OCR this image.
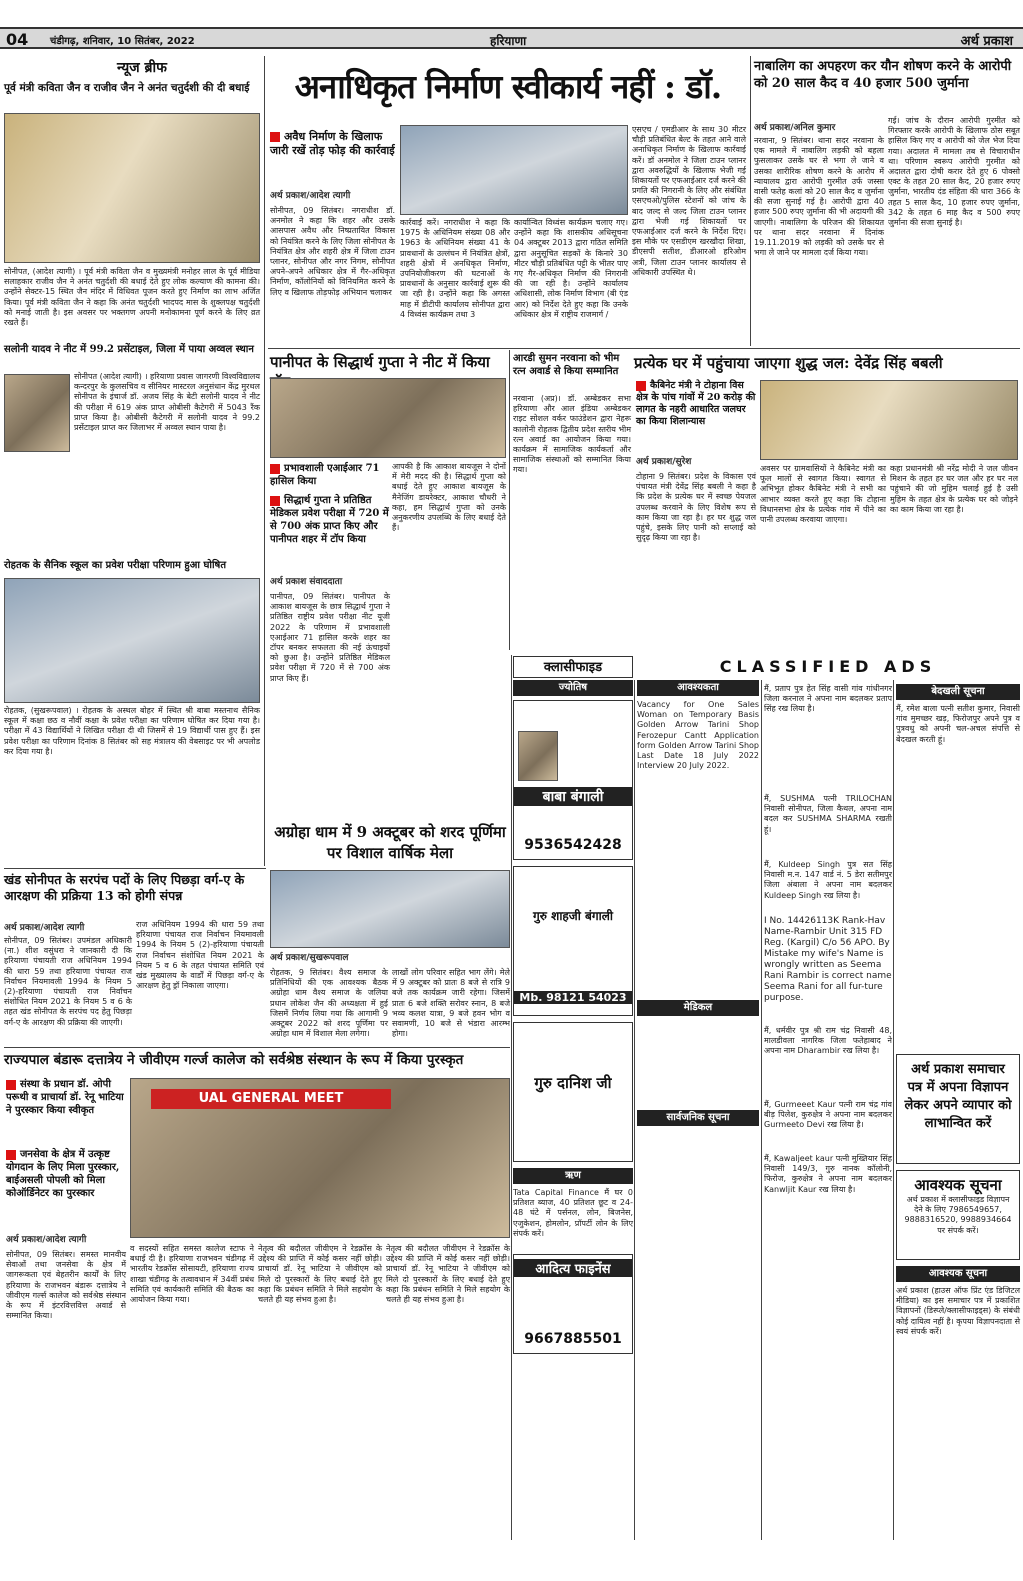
04 चंडीगढ़, शनिवार, 10 सितंबर, 2022	हरियाणा	अर्थ प्रकाश
न्यूज ब्रीफ
पूर्व मंत्री कविता जैन व राजीव जैन ने अनंत चतुर्दशी की दी बधाई
सोनीपत, (आदेश त्यागी) । पूर्व मंत्री कविता जैन व मुख्यमंत्री मनोहर लाल के पूर्व मीडिया सलाहकार राजीव जैन ने अनंत चतुर्दशी की बधाई देते हुए लोक कल्याण की कामना की। उन्होंने सेक्टर-15 स्थित जैन मंदिर में विधिवत पूजन करते हुए निर्माण का लाभ अर्जित किया। पूर्व मंत्री कविता जैन ने कहा कि अनंत चतुर्दशी भादपद मास के शुक्लपक्ष चतुर्दशी को मनाई जाती है। इस अवसर पर भक्तगण अपनी मनोकामना पूर्ण करने के लिए व्रत रखते हैं।
सलोनी यादव ने नीट में 99.2 प्रसेंटाइल, जिला में पाया अव्वल स्थान
सोनीपत (आदेश त्यागी) । हरियाणा प्रवास जागरणी विश्वविद्यालय कन्दरपुर के कुलसचिव व सीनियर मास्टरल अनुसंधान केंद्र मुरथल सोनीपत के इंचार्ज डॉ. अजय सिंह के बेटी सलोनी यादव ने नीट की परीक्षा में 619 अंक प्राप्त ओबीसी कैटेगरी में 5043 रैंक प्राप्त किया है। ओबीसी कैटेगरी में सलोनी यादव ने 99.2 प्रसेंटाइल प्राप्त कर जिलाभर में अव्वल स्थान पाया है।
रोहतक के सैनिक स्कूल का प्रवेश परीक्षा परिणाम हुआ घोषित
रोहतक, (सुखरूपवाल) । रोहतक के अस्थल बोहर में स्थित श्री बाबा मस्तनाथ सैनिक स्कूल में कक्षा छठ व नौवीं कक्षा के प्रवेश परीक्षा का परिणाम घोषित कर दिया गया है। परीक्षा में 43 विद्यार्थियों ने लिखित परीक्षा दी थी जिसमें से 19 विद्यार्थी पास हुए हैं। इस प्रवेश परीक्षा का परिणाम दिनांक 8 सितंबर को सह मंत्रालय की वेबसाइट पर भी अपलोड कर दिया गया है।
अनाधिकृत निर्माण स्वीकार्य नहीं : डॉ.
अवैध निर्माण के खिलाफ जारी रखें तोड़ फोड़ की कार्रवाई
अर्थ प्रकाश/आदेश त्यागी
सोनीपत, 09 सितंबर। नगराधीश डॉ. अनमोल ने कहा कि शहर और उसके आसपास अवैध और निष्प्रतायित विकास को नियंत्रित करने के लिए जिला सोनीपत के नियंत्रित क्षेत्र और शहरी क्षेत्र में जिला टाउन प्लानर, सोनीपत और नगर निगम, सोनीपत अपने-अपने अधिकार क्षेत्र में गैर-अधिकृत निर्माण, कॉलोनियों को विनियमित करने के लिए व खिलाफ तोड़फोड़ अभियान चलाकर
कार्रवाई करें। नगराधीश ने कहा कि 1975 के अधिनियम संख्या 08 और 1963 के अधिनियम संख्या 41 के प्रावधानों के उल्लंघन में नियंत्रित क्षेत्रों, शहरी क्षेत्रों में अनधिकृत निर्माण, उपनियोजीकरण की घटनाओं के प्रावधानों के अनुसार कार्रवाई शुरू की जा रही है। उन्होंने कहा कि अगस्त माह में डीटीपी कार्यालय सोनीपत द्वारा 4 विध्वंस कार्यक्रम तथा 3
कार्यान्वित विध्वंस कार्यक्रम चलाए गए। उन्होंने कहा कि शासकीय अधिसूचना 04 अक्टूबर 2013 द्वारा गठित समिति द्वारा अनुसूचित सड़कों के किनारे 30 मीटर चौड़ी प्रतिबंधित पट्टी के भीतर पाए गए गैर-अधिकृत निर्माण की निगरानी की जा रही है। उन्होंने कार्यालय अधिशासी, लोक निर्माण विभाग (बी एंड आर) को निर्देश देते हुए कहा कि उनके अधिकार क्षेत्र में राष्ट्रीय राजमार्ग /
एसएच / एमडीआर के साथ 30 मीटर चौड़ी प्रतिबंधित बेल्ट के तहत आने वाले अनाधिकृत निर्माण के खिलाफ कार्रवाई करें। डॉ अनमोल ने जिला टाउन प्लानर द्वारा अवरुद्धियों के खिलाफ भेजी गई शिकायतों पर एफआईआर दर्ज करने की प्रगति की निगरानी के लिए और संबंधित एसएचओ/पुलिस स्टेशनों को जांच के बाद जल्द से जल्द जिला टाउन प्लानर द्वारा भेजी गई शिकायतों पर एफआईआर दर्ज करने के निर्देश दिए। इस मौके पर एसडीएम खरखौदा शिखा, डीएसपी सतीश, डीआरओ हरिओम अत्री, जिला टाउन प्लानर कार्यालय से अधिकारी उपस्थित थे।
नाबालिग का अपहरण कर यौन शोषण करने के आरोपी को 20 साल कैद व 40 हजार 500 जुर्माना
अर्थ प्रकाश/अनिल कुमार
नरवाना, 9 सितंबर। थाना सदर नरवाना के एक मामले में नाबालिग लड़की को बहला फुसलाकर उसके घर से भगा ले जाने व उसका शारीरिक शोषण करने के आरोप में न्यायालय द्वारा आरोपी गुरमीत उर्फ जस्सा वासी फतेह कलां को 20 साल कैद व जुर्माना की सजा सुनाई गई है। आरोपी द्वारा 40 हजार 500 रुपए जुर्माना की भी अदायगी की जाएगी। नाबालिगा के परिजन की शिकायत पर थाना सदर नरवाना में दिनांक 19.11.2019 को लड़की को उसके घर से भगा ले जाने पर मामला दर्ज किया गया।
गई। जांच के दौरान आरोपी गुरमीत को गिरफ्तार करके आरोपी के खिलाफ ठोस सबूत हासिल किए गए व आरोपी को जेल भेज दिया गया। अदालत में मामला तब से विचाराधीन था। परिणाम स्वरूप आरोपी गुरमीत को अदालत द्वारा दोषी करार देते हुए 6 पोक्सो एक्ट के तहत 20 साल कैद, 20 हजार रुपए जुर्माना, भारतीय दंड संहिता की धारा 366 के तहत 5 साल कैद, 10 हजार रुपए जुर्माना, 342 के तहत 6 माह कैद व 500 रुपए जुर्माना की सजा सुनाई है।
पानीपत के सिद्धार्थ गुप्ता ने नीट में किया
प्रभावशाली एआईआर 71 हासिल किया
सिद्धार्थ गुप्ता ने प्रतिष्ठित मेडिकल प्रवेश परीक्षा में 720 में से 700 अंक प्राप्त किए और पानीपत शहर में टॉप किया
अर्थ प्रकाश संवाददाता
पानीपत, 09 सितंबर। पानीपत के आकाश बायजूस के छात्र सिद्धार्थ गुप्ता ने प्रतिष्ठित राष्ट्रीय प्रवेश परीक्षा नीट यूजी 2022 के परिणाम में प्रभावशाली एआईआर 71 हासिल करके शहर का टॉपर बनकर सफलता की नई ऊंचाइयों को छुआ है। उन्होंने प्रतिष्ठित मेडिकल प्रवेश परीक्षा में 720 में से 700 अंक प्राप्त किए हैं।
आपकी है कि आकाश बायजूस ने दोनों में मेरी मदद की है। सिद्धार्थ गुप्ता को बधाई देते हुए आकाश बायजूस के मैनेजिंग डायरेक्टर, आकाश चौधरी ने कहा, हम सिद्धार्थ गुप्ता को उनके अनुकरणीय उपलब्धि के लिए बधाई देते हैं।
आरडी सुमन नरवाना को भीम रत्न अवार्ड से किया सम्मानित
नरवाना (अप्र)। डॉ. अम्बेडकर सभा हरियाणा और आल इंडिया अम्बेडकर राइट सोशल वर्कर फाउंडेशन द्वारा नेहरू कालोनी रोहतक द्वितीय प्रदेश स्तरीय भीम रत्न अवार्ड का आयोजन किया गया। कार्यक्रम में सामाजिक कार्यकर्ता और सामाजिक संस्थाओं को सम्मानित किया गया।
प्रत्येक घर में पहुंचाया जाएगा शुद्ध जल: देवेंद्र सिंह बबली
कैबिनेट मंत्री ने टोहाना विस क्षेत्र के पांच गांवों में 20 करोड़ की लागत के नहरी आधारित जलघर का किया शिलान्यास
अर्थ प्रकाश/सुरेश
टोहाना 9 सितंबर। प्रदेश के विकास एवं पंचायत मंत्री देवेंद्र सिंह बबली ने कहा है कि प्रदेश के प्रत्येक घर में स्वच्छ पेयजल उपलब्ध करवाने के लिए विशेष रूप से काम किया जा रहा है। हर घर शुद्ध जल पहुंचे, इसके लिए पानी को सप्लाई को सुदृढ़ किया जा रहा है।
अवसर पर ग्रामवासियों ने कैबिनेट मंत्री का फूल मालों से स्वागत किया। स्वागत से अभिभूत होकर कैबिनेट मंत्री ने सभी का आभार व्यक्त करते हुए कहा कि टोहाना विधानसभा क्षेत्र के प्रत्येक गांव में पीने का पानी उपलब्ध करवाया जाएगा।
कहा प्रधानमंत्री श्री नरेंद्र मोदी ने जल जीवन मिशन के तहत हर घर जल और हर घर नल पहुंचाने की जो मुहिम चलाई हुई है उसी मुहिम के तहत क्षेत्र के प्रत्येक घर को जोड़ने का काम किया जा रहा है।
क्लासीफाइड	CLASSIFIED ADS
अग्रोहा धाम में 9 अक्टूबर को शरद पूर्णिमा पर विशाल वार्षिक मेला
अर्थ प्रकाश/सुखरूपवाल
रोहतक, 9 सितंबर। वैश्य समाज के प्रतिनिधियों की एक आवश्यक बैठक अग्रोहा धाम वैश्य समाज के जलिया प्रधान लोकेश जैन की अध्यक्षता में हुई जिसमें निर्णय लिया गया कि आगामी 9 अक्टूबर 2022 को शरद पूर्णिमा पर अग्रोहा धाम में विशाल मेला लगेगा।
लाखों लोग परिवार सहित भाग लेंगे। मेले में 9 अक्टूबर को प्रातः 8 बजे से रात्रि 9 बजे तक कार्यक्रम जारी रहेगा। जिसमें प्रातः 6 बजे शक्ति सरोवर स्नान, 8 बजे भव्य कलश यात्रा, 9 बजे हवन भोग व सवामणी, 10 बजे से भंडारा आरम्भ होगा।
खंड सोनीपत के सरपंच पदों के लिए पिछड़ा वर्ग-ए के आरक्षण की प्रक्रिया 13 को होगी संपन्न
अर्थ प्रकाश/आदेश त्यागी
सोनीपत, 09 सितंबर। उपमंडल अधिकारी (ना.) शीश वसुंधरा ने जानकारी दी कि हरियाणा पंचायती राज अधिनियम 1994 की धारा 59 तथा हरियाणा पंचायत राज निर्वाचन नियमावली 1994 के नियम 5 (2)-हरियाणा पंचायती राज निर्वाचन संशोधित नियम 2021 के नियम 5 व 6 के तहत खंड सोनीपत के सरपंच पद हेतु पिछड़ा वर्ग-ए के आरक्षण की प्रक्रिया की जाएगी।
राज अधिनियम 1994 की धारा 59 तथा हरियाणा पंचायत राज निर्वाचन नियमावली 1994 के नियम 5 (2)-हरियाणा पंचायती राज निर्वाचन संशोधित नियम 2021 के नियम 5 व 6 के तहत पंचायत समिति एवं खंड मुख्यालय के वार्डों में पिछड़ा वर्ग-ए के आरक्षण हेतु ड्रॉ निकाला जाएगा।
राज्यपाल बंडारू दत्तात्रेय ने जीवीएम गर्ल्ज कालेज को सर्वश्रेष्ठ संस्थान के रूप में किया पुरस्कृत
संस्था के प्रधान डॉ. ओपी परूथी व प्राचार्या डॉ. रेनू भाटिया ने पुरस्कार किया स्वीकृत
जनसेवा के क्षेत्र में उत्कृष्ट योगदान के लिए मिला पुरस्कार, बाईअसली पोपली को मिला कोऑर्डिनेटर का पुरस्कार
UAL GENERAL MEET
अर्थ प्रकाश/आदेश त्यागी
सोनीपत, 09 सितंबर। समस्त मानवीय सेवाओं तथा जनसेवा के क्षेत्र में जागरूकता एवं बेहतरीन कार्यों के लिए हरियाणा के राजभवन बंडारू दत्तात्रेय ने जीवीएम गर्ल्स कालेज को सर्वश्रेष्ठ संस्थान के रूप में इंटरवित्तवित्त अवार्ड से सम्मानित किया।
व सदस्यों सहित समस्त कालेज स्टाफ ने बधाई दी है। हरियाणा राजभवन चंडीगढ़ में भारतीय रेडक्रॉस सोसायटी, हरियाणा राज्य शाखा चंडीगढ़ के तत्वावधान में 34वीं प्रबंध समिति एवं कार्यकारी समिति की बैठक का आयोजन किया गया।
नेतृत्व की बदौलत जीवीएम ने रेडक्रॉस के उद्देश्य की प्राप्ति में कोई कसर नहीं छोड़ी। प्राचार्या डॉ. रेनू भाटिया ने जीवीएम को मिले दो पुरस्कारों के लिए बधाई देते हुए कहा कि प्रबंधन समिति ने मिले सहयोग के चलते ही यह संभव हुआ है।
नेतृत्व की बदौलत जीवीएम ने रेडक्रॉस के उद्देश्य की प्राप्ति में कोई कसर नहीं छोड़ी। प्राचार्या डॉ. रेनू भाटिया ने जीवीएम को मिले दो पुरस्कारों के लिए बधाई देते हुए कहा कि प्रबंधन समिति ने मिले सहयोग के चलते ही यह संभव हुआ है।
ज्योतिष
बाबा बंगाली
9536542428
गुरु शाहजी बंगाली
Mb. 98121 54023
गुरु दानिश जी
ऋण
Tata Capital Finance मैं घर 0 प्रतिशत ब्याज, 40 प्रतिशत छूट व 24-48 घंटे में पर्सनल, लोन, बिजनेस, एजुकेशन, होमलोन, प्रॉपर्टी लोन के लिए संपर्क करें।
आदित्य फाइनेंस
9667885501
आवश्यकता
Vacancy for One Sales Woman on Temporary Basis Golden Arrow Tarini Shop Ferozepur Cantt Application form Golden Arrow Tarini Shop Last Date 18 July 2022 Interview 20 July 2022.
मेडिकल
सार्वजनिक सूचना
मैं, प्रताप पुत्र हेत सिंह वासी गांव गांधीनगर जिला करनाल ने अपना नाम बदलकर प्रताप सिंह रख लिया है।
मैं, SUSHMA पत्नी TRILOCHAN निवासी सोनीपत, जिला कैथल, अपना नाम बदल कर SUSHMA SHARMA रखती हूं।
मैं, Kuldeep Singh पुत्र सत सिंह निवासी म.न. 147 वार्ड नं. 5 डेरा सतीमपुर जिला अंबाला ने अपना नाम बदलकर Kuldeep Singh रख लिया है।
I No. 14426113K Rank-Hav Name-Rambir Unit 315 FD Reg. (Kargil) C/o 56 APO. By Mistake my wife's Name is wrongly written as Seema Rani Rambir is correct name Seema Rani for all fur-ture purpose.
मैं, धर्मवीर पुत्र श्री राम चंद्र निवासी 48, मालडीवला नागरिक जिला फतेहाबाद ने अपना नाम Dharambir रख लिया है।
मैं, Gurmeeet Kaur पत्नी राम चंद्र गांव बीड़ पिलेश, कुरुक्षेत्र ने अपना नाम बदलकर Gurmeeto Devi रख लिया है।
मैं, Kawaljeet kaur पत्नी मुख्तियार सिंह निवासी 149/3, गुरु नानक कॉलोनी, फिरोज, कुरुक्षेत्र ने अपना नाम बदलकर Kanwljit Kaur रख लिया है।
बेदखली सूचना
मैं, रमेश बाला पत्नी सतीश कुमार, निवासी गांव मुमच्छर खड़, फिरोजपुर अपने पुत्र व पुत्रवधु को अपनी चल-अचल संपत्ति से बेदखल करती हूं।
अर्थ प्रकाश समाचार पत्र में अपना विज्ञापन लेकर अपने व्यापार को लाभान्वित करें
आवश्यक सूचना
अर्थ प्रकाश में क्लासीफाइड विज्ञापन देने के लिए 7986549657, 9888316520, 9988934664 पर संपर्क करें।
आवश्यक सूचना
अर्थ प्रकाश (हाउस ऑफ प्रिंट एंड डिजिटल मीडिया) का इस समाचार पत्र में प्रकाशित विज्ञापनों (डिस्प्ले/क्लासीफाइड्स) के संबंधी कोई दायित्व नहीं है। कृपया विज्ञापनदाता से स्वयं संपर्क करें।
